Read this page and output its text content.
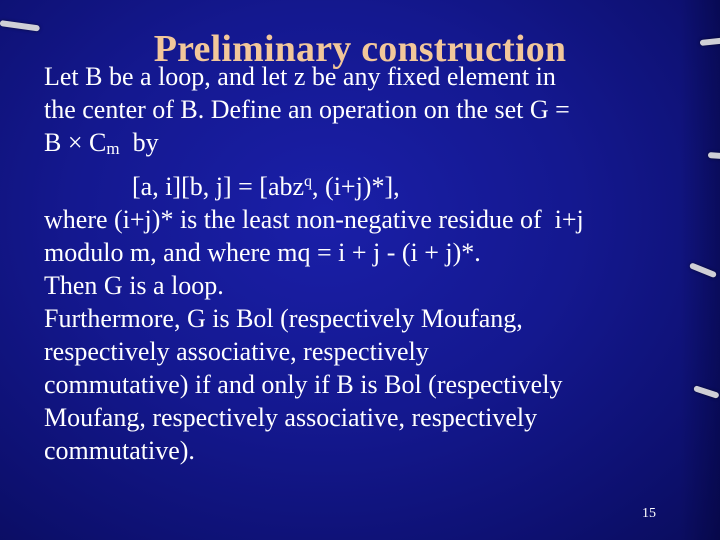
Preliminary construction

Let B be a loop, and let z be any fixed element in
the center of B. Define an operation on the set G =
B × Cm  by
[a, i][b, j] = [abz$^q$, (i+j)*],

where (i+j)* is the least non-negative residue of  i+j
modulo m, and where mq = i + j - (i + j)*.

Then G is a loop.

Furthermore, G is Bol (respectively Moufang,
respectively associative, respectively
commutative) if and only if B is Bol (respectively
Moufang, respectively associative, respectively
commutative).

15
